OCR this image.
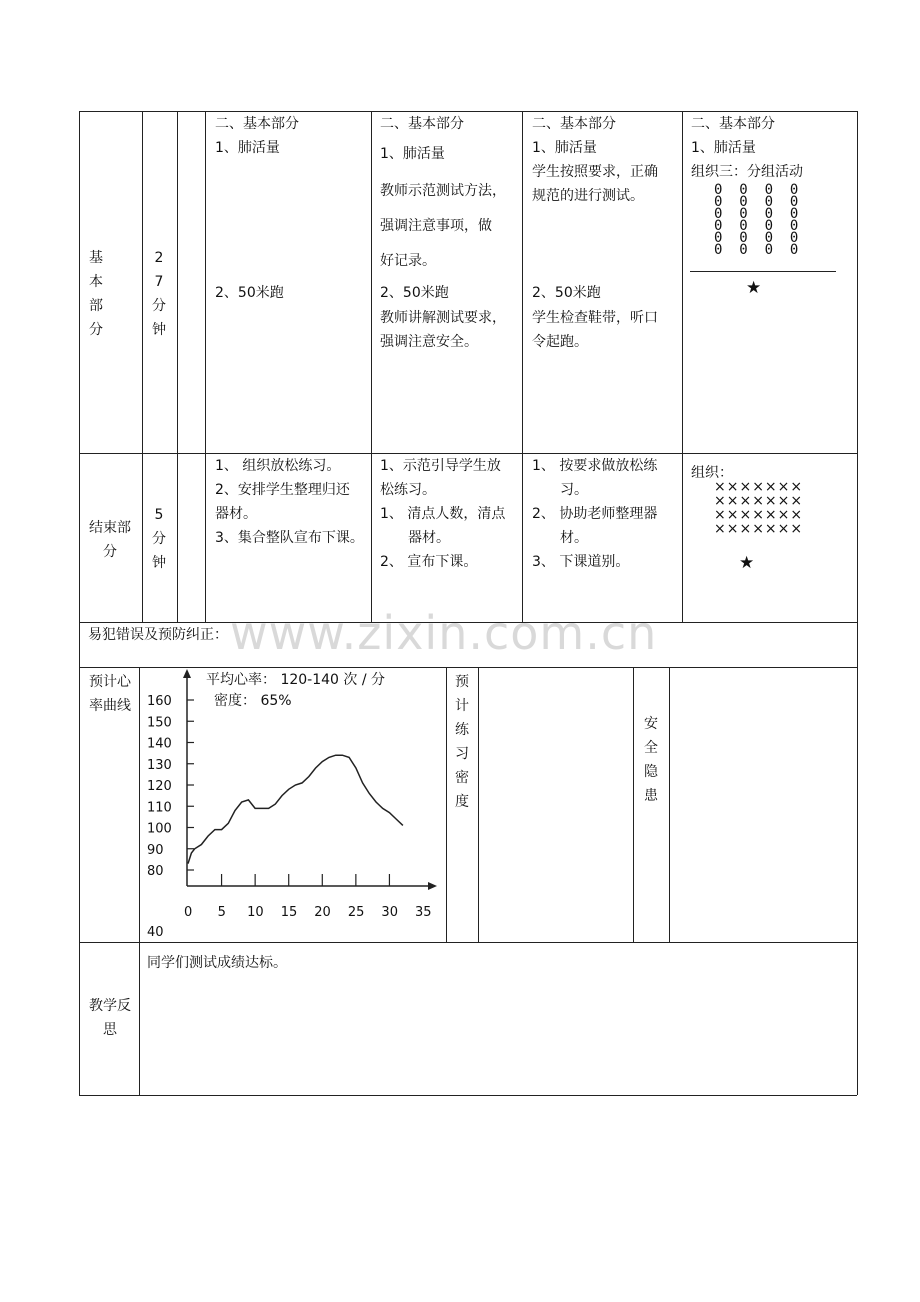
www.zixin.com.cn
基本部分
27分钟
二、基本部分
1、肺活量
2、50米跑
二、基本部分
1、肺活量
教师示范测试方法，
强调注意事项，做
好记录。
2、50米跑
教师讲解测试要求，
强调注意安全。
二、基本部分
1、肺活量
学生按照要求，正确
规范的进行测试。
2、50米跑
学生检查鞋带，听口
令起跑。
二、基本部分
1、肺活量
组织三：分组活动
0  0  0  0
0  0  0  0
0  0  0  0
0  0  0  0
0  0  0  0
0  0  0  0
★
结束部分
5分钟
1、 组织放松练习。
2、安排学生整理归还
器材。
3、集合整队宣布下课。
1、示范引导学生放
松练习。
1、 清点人数，清点
器材。
2、 宣布下课。
1、 按要求做放松练
习。
2、 协助老师整理器
材。
3、 下课道别。
组织：
×××××××
×××××××
×××××××
×××××××
★
易犯错误及预防纠正：
预计心率曲线
平均心率： 120-140 次 / 分
密度： 65%
预计练习密度
安全隐患
160
150
140
130
120
110
100
90
80
0 5 10 15 20 25 30 35
40
教学反思
同学们测试成绩达标。
